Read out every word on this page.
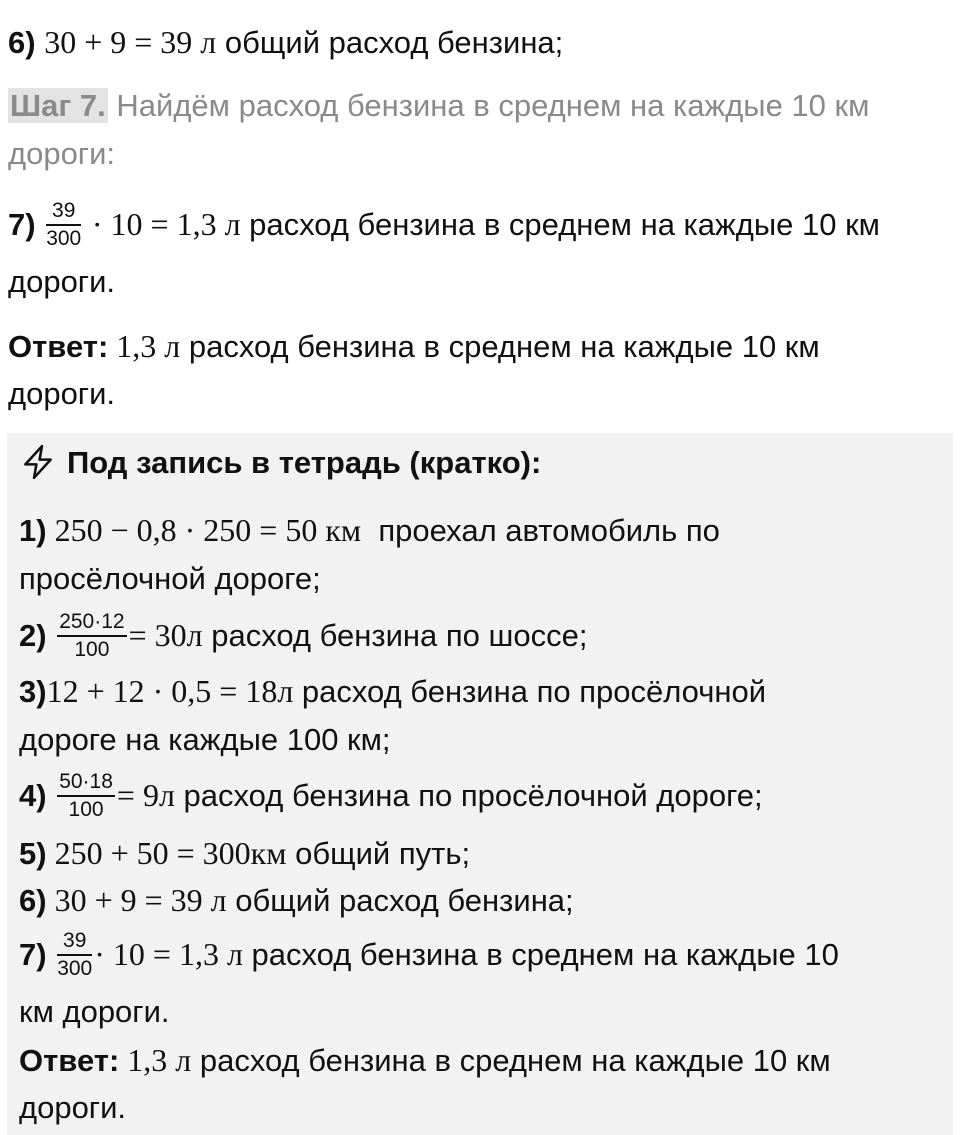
6) 30 + 9 = 39 л общий расход бензина;
Шаг 7. Найдём расход бензина в среднем на каждые 10 км
дороги:
$7) \frac{39}{300} \cdot 10 = 1,3$ л расход бензина в среднем на каждые 10 км
дороги.
Ответ: 1,3 л расход бензина в среднем на каждые 10 км
дороги.
Под запись в тетрадь (кратко):
1) 250 − 0,8 · 250 = 50 км  проехал автомобиль по
просёлочной дороге;
$2) \frac{250\cdot 12}{100} = 30л$ расход бензина по шоссе;
3)12 + 12 · 0,5 = 18л расход бензина по просёлочной
дороге на каждые 100 км;
$4) \frac{50\cdot 18}{100} = 9л$ расход бензина по просёлочной дороге;
5) 250 + 50 = 300км общий путь;
6) 30 + 9 = 39 л общий расход бензина;
$7) \frac{39}{300} \cdot 10 = 1,3$ л расход бензина в среднем на каждые 10
км дороги.
Ответ: 1,3 л расход бензина в среднем на каждые 10 км
дороги.
